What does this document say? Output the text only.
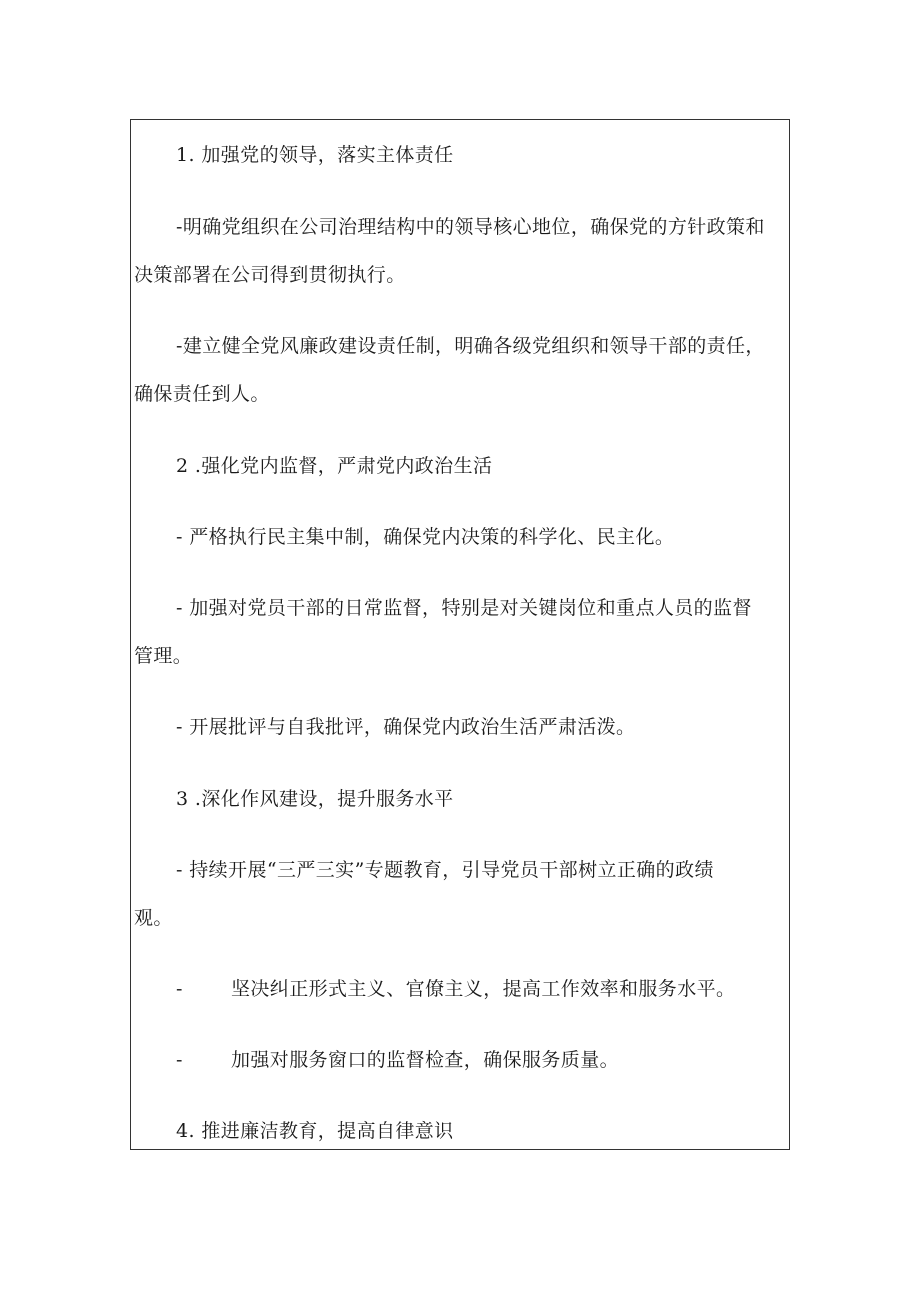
1. 加强党的领导，落实主体责任
-明确党组织在公司治理结构中的领导核心地位，确保党的方针政策和
决策部署在公司得到贯彻执行。
-建立健全党风廉政建设责任制，明确各级党组织和领导干部的责任，
确保责任到人。
2 .强化党内监督，严肃党内政治生活
- 严格执行民主集中制，确保党内决策的科学化、民主化。
- 加强对党员干部的日常监督，特别是对关键岗位和重点人员的监督
管理。
- 开展批评与自我批评，确保党内政治生活严肃活泼。
3 .深化作风建设，提升服务水平
- 持续开展“三严三实”专题教育，引导党员干部树立正确的政绩
观。
-	坚决纠正形式主义、官僚主义，提高工作效率和服务水平。
-	加强对服务窗口的监督检查，确保服务质量。
4. 推进廉洁教育，提高自律意识
